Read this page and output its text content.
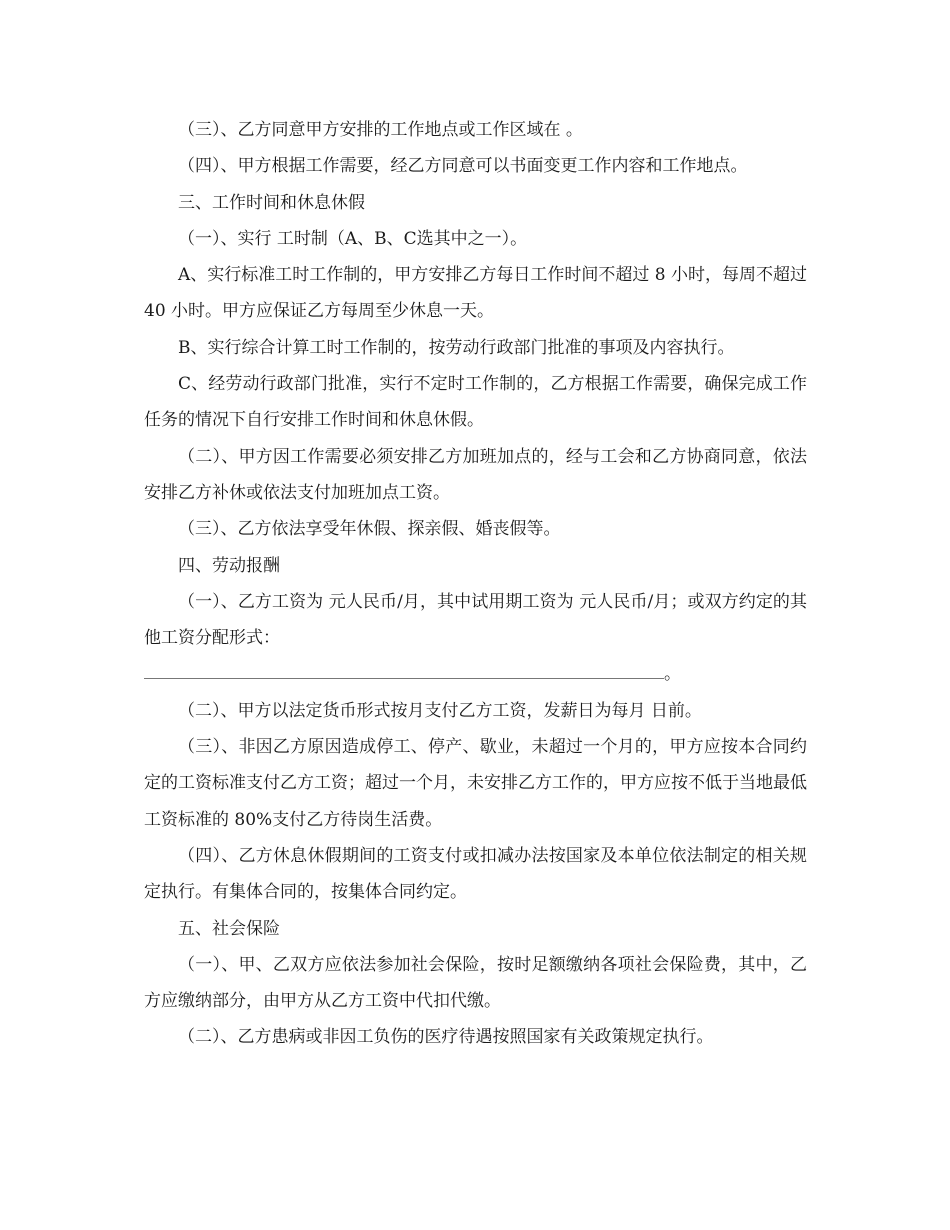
（三）、乙方同意甲方安排的工作地点或工作区域在 。

（四）、甲方根据工作需要，经乙方同意可以书面变更工作内容和工作地点。

三、工作时间和休息休假

（一）、实行 工时制（A、B、C选其中之一）。

A、实行标准工时工作制的，甲方安排乙方每日工作时间不超过 8 小时，每周不超过 40 小时。甲方应保证乙方每周至少休息一天。

B、实行综合计算工时工作制的，按劳动行政部门批准的事项及内容执行。

C、经劳动行政部门批准，实行不定时工作制的，乙方根据工作需要，确保完成工作任务的情况下自行安排工作时间和休息休假。

（二）、甲方因工作需要必须安排乙方加班加点的，经与工会和乙方协商同意，依法安排乙方补休或依法支付加班加点工资。

（三）、乙方依法享受年休假、探亲假、婚丧假等。

四、劳动报酬

（一）、乙方工资为 元人民币/月，其中试用期工资为 元人民币/月；或双方约定的其他工资分配形式：

。

（二）、甲方以法定货币形式按月支付乙方工资，发薪日为每月 日前。

（三）、非因乙方原因造成停工、停产、歇业，未超过一个月的，甲方应按本合同约定的工资标准支付乙方工资；超过一个月，未安排乙方工作的，甲方应按不低于当地最低工资标准的 80%支付乙方待岗生活费。

（四）、乙方休息休假期间的工资支付或扣减办法按国家及本单位依法制定的相关规定执行。有集体合同的，按集体合同约定。

五、社会保险

（一）、甲、乙双方应依法参加社会保险，按时足额缴纳各项社会保险费，其中，乙方应缴纳部分，由甲方从乙方工资中代扣代缴。

（二）、乙方患病或非因工负伤的医疗待遇按照国家有关政策规定执行。
